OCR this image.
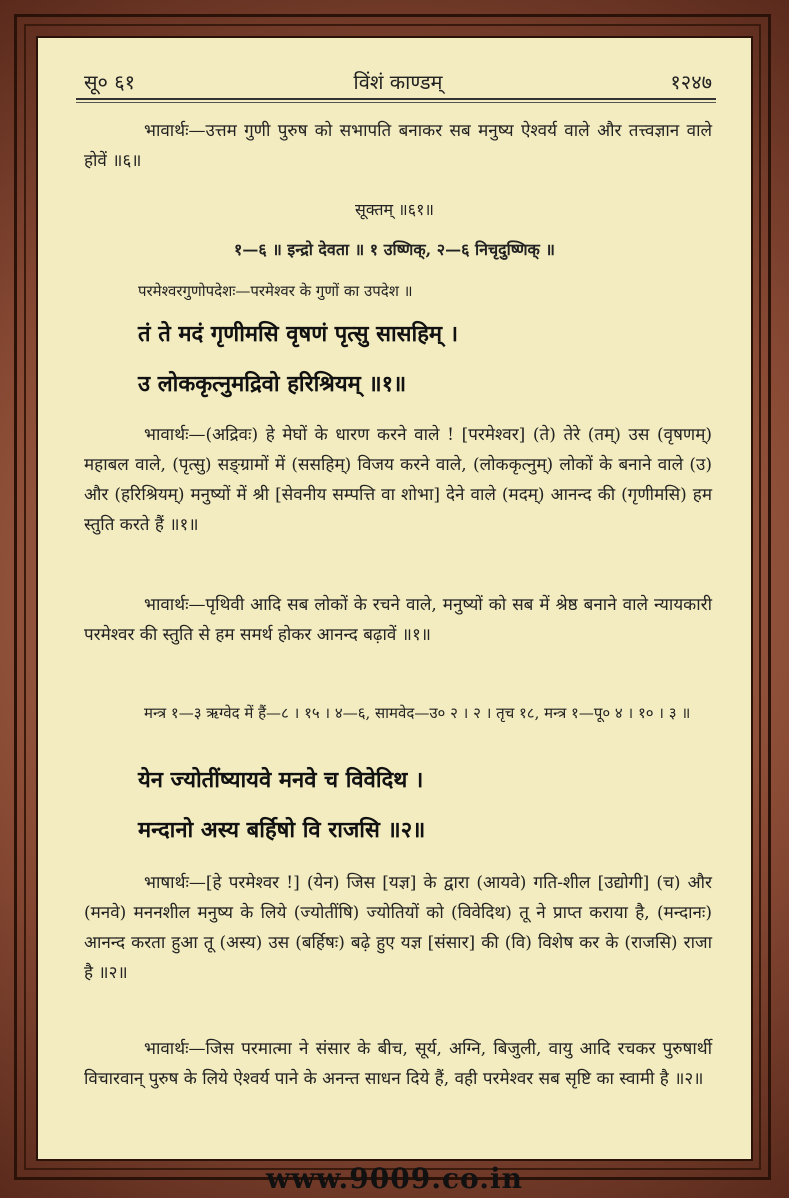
सू० ६१	विंशं काण्डम्	१२४७
भावार्थः—उत्तम गुणी पुरुष को सभापति बनाकर सब मनुष्य ऐश्वर्य वाले और तत्त्वज्ञान वाले होवें ॥६॥
सूक्तम् ॥६१॥
१—६ ॥ इन्द्रो देवता ॥ १ उष्णिक्, २—६ निचृदुष्णिक् ॥
परमेश्वरगुणोपदेशः—परमेश्वर के गुणों का उपदेश ॥
तं ते मदं गृणीमसि वृषणं पृत्सु सासहिम् ।
उ लोककृत्नुमद्रिवो हरिश्रियम् ॥१॥
भावार्थः—(अद्रिवः) हे मेघों के धारण करने वाले ! [परमेश्वर] (ते) तेरे (तम्) उस (वृषणम्) महाबल वाले, (पृत्सु) सङ्ग्रामों में (ससहिम्) विजय करने वाले, (लोककृत्नुम्) लोकों के बनाने वाले (उ) और (हरिश्रियम्) मनुष्यों में श्री [सेवनीय सम्पत्ति वा शोभा] देने वाले (मदम्) आनन्द की (गृणीमसि) हम स्तुति करते हैं ॥१॥
भावार्थः—पृथिवी आदि सब लोकों के रचने वाले, मनुष्यों को सब में श्रेष्ठ बनाने वाले न्यायकारी परमेश्वर की स्तुति से हम समर्थ होकर आनन्द बढ़ावें ॥१॥
मन्त्र १—३ ऋग्वेद में हैं—८ । १५ । ४—६, सामवेद—उ० २ । २ । तृच १८, मन्त्र १—पू० ४ । १० । ३ ॥
येन ज्योतींष्यायवे मनवे च विवेदिथ ।
मन्दानो अस्य बर्हिषो वि राजसि ॥२॥
भाषार्थः—[हे परमेश्वर !] (येन) जिस [यज्ञ] के द्वारा (आयवे) गति-शील [उद्योगी] (च) और (मनवे) मननशील मनुष्य के लिये (ज्योतींषि) ज्योतियों को (विवेदिथ) तू ने प्राप्त कराया है, (मन्दानः) आनन्द करता हुआ तू (अस्य) उस (बर्हिषः) बढ़े हुए यज्ञ [संसार] की (वि) विशेष कर के (राजसि) राजा है ॥२॥
भावार्थः—जिस परमात्मा ने संसार के बीच, सूर्य, अग्नि, बिजुली, वायु आदि रचकर पुरुषार्थी विचारवान् पुरुष के लिये ऐश्वर्य पाने के अनन्त साधन दिये हैं, वही परमेश्वर सब सृष्टि का स्वामी है ॥२॥
www.9009.co.in
